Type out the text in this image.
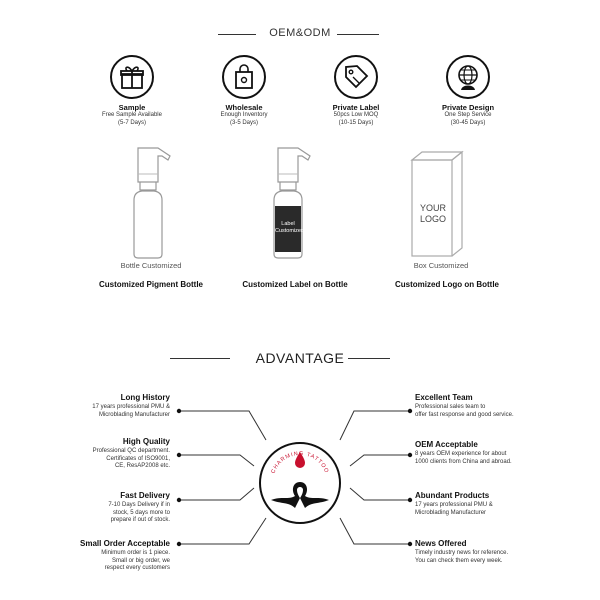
OEM&ODM
Sample
Free Sample Available
(5-7 Days)
Wholesale
Enough Inventory
(3-5 Days)
Private Label
50pcs Low MOQ
(10-15 Days)
Private Design
One Step Service
(30-45 Days)
Bottle Customized
Customized Pigment Bottle
Label
Customized
Customized Label on Bottle
YOUR
LOGO
Box Customized
Customized Logo on Bottle
ADVANTAGE
CHARMING TATTOO
Long History
17 years professional PMU &
Microblading Manufacturer
High Quality
Professional QC department.
Certificates of ISO9001,
CE, ResAP2008 etc.
Fast Delivery
7-10 Days Delivery if in
stock, 5 days more to
prepare if out of stock.
Small Order Acceptable
Minimum order is 1 piece.
Small or big order, we
respect every customers
Excellent Team
Professional sales team to
offer fast response and good service.
OEM Acceptable
8 years OEM experience for about
1000 clients from China and abroad.
Abundant Products
17 years professional PMU &
Microblading Manufacturer
News Offered
Timely industry news for reference.
You can check them every week.
